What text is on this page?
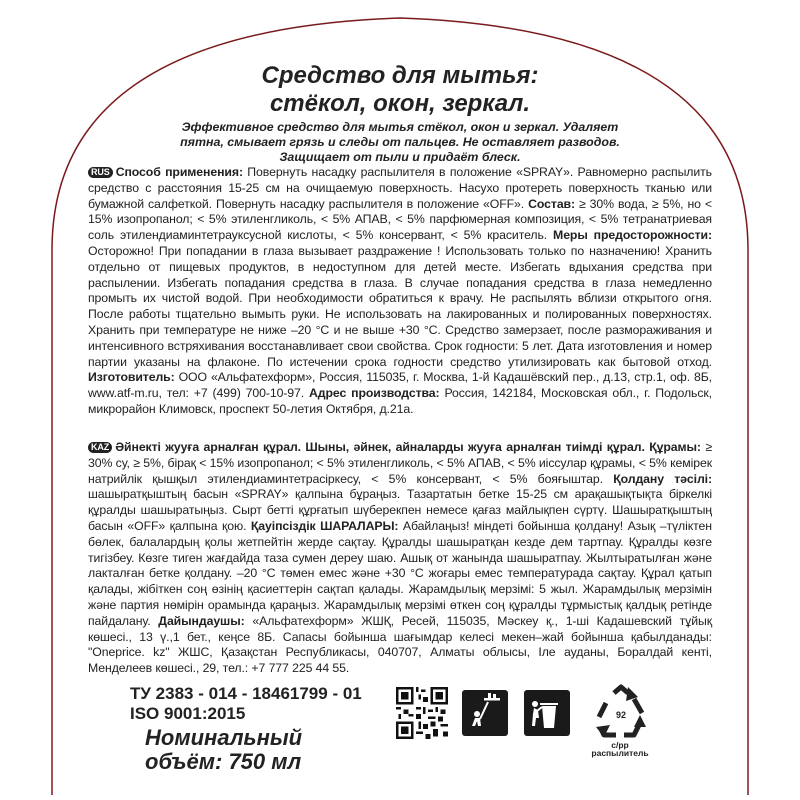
Средство для мытья:
стёкол, окон, зеркал.
Эффективное средство для мытья стёкол, окон и зеркал. Удаляет пятна, смывает грязь и следы от пальцев. Не оставляет разводов. Защищает от пыли и придаёт блеск.
RUS Способ применения: Повернуть насадку распылителя в положение «SPRAY». Равномерно распылить средство с расстояния 15-25 см на очищаемую поверхность. Насухо протереть поверхность тканью или бумажной салфеткой. Повернуть насадку распылителя в положение «OFF». Состав: ≥ 30% вода, ≥ 5%, но < 15% изопропанол; < 5% этиленгликоль, < 5% АПАВ, < 5% парфюмерная композиция, < 5% тетранатриевая соль этилендиаминтетрауксусной кислоты, < 5% консервант, < 5% краситель. Меры предосторожности: Осторожно! При попадании в глаза вызывает раздражение ! Использовать только по назначению! Хранить отдельно от пищевых продуктов, в недоступном для детей месте. Избегать вдыхания средства при распылении. Избегать попадания средства в глаза. В случае попадания средства в глаза немедленно промыть их чистой водой. При необходимости обратиться к врачу. Не распылять вблизи открытого огня. После работы тщательно вымыть руки. Не использовать на лакированных и полированных поверхностях. Хранить при температуре не ниже –20 °С и не выше +30 °С. Средство замерзает, после размораживания и интенсивного встряхивания восстанавливает свои свойства. Срок годности: 5 лет. Дата изготовления и номер партии указаны на флаконе. По истечении срока годности средство утилизировать как бытовой отход. Изготовитель: ООО «Альфатехформ», Россия, 115035, г. Москва, 1-й Кадашёвский пер., д.13, стр.1, оф. 8Б, www.atf-m.ru, тел: +7 (499) 700-10-97. Адрес производства: Россия, 142184, Московская обл., г. Подольск, микрорайон Климовск, проспект 50-летия Октября, д.21а.
KAZ Әйнекті жууға арналған құрал. Шыны, әйнек, айналарды жууға арналған тиімді құрал. Құрамы: ≥ 30% су, ≥ 5%, бірақ < 15% изопропанол; < 5% этиленгликоль, < 5% АПАВ, < 5% иіссулар құрамы, < 5% кемірек натрийлік қышқыл этилендиаминтетрасіркесу, < 5% консервант, < 5% бояғыштар. Қолдану тәсілі: шашыратқыштың басын «SPRAY» қалпына бұраңыз. Тазартатын бетке 15-25 см арақашықтықта біркелкі құралды шашыратыңыз. Сырт бетті құрғатып шүберекпен немесе қағаз майлықпен сүртү. Шашыратқыштың басын «OFF» қалпына қою. Қауіпсіздік ШАРАЛАРЫ: Абайлаңыз! міндеті бойынша қолдану! Азық –түліктен бөлек, балалардың қолы жетпейтін жерде сақтау. Құралды шашыратқан кезде дем тартпау. Құралды көзге тигізбеу. Көзге тиген жағдайда таза сумен дереу шаю. Ашық от жанында шашыратпау. Жылтыратылған және лакталған бетке қолдану. –20 °С төмен емес және +30 °С жоғары емес температурада сақтау. Құрал қатып қалады, жібіткен соң өзінің қасиеттерін сақтап қалады. Жарамдылық мерзімі: 5 жыл. Жарамдылық мерзімін және партия нөмірін орамында қараңыз. Жарамдылық мерзімі өткен соң құралды тұрмыстық қалдық ретінде пайдалану. Дайындаушы: «Альфатехформ» ЖШҚ, Ресей, 115035, Мәскеу қ., 1-ші Кадашевский тұйық көшесі., 13 ү.,1 бет., кеңсе 8Б. Сапасы бойынша шағымдар келесі мекен–жай бойынша қабылданады: "Oneprice. kz" ЖШС, Қазақстан Республикасы, 040707, Алматы облысы, Іле ауданы, Боралдай кенті, Менделеев көшесі., 29, тел.: +7 777 225 44 55.
ТУ 2383 - 014 - 18461799 - 01
ISO 9001:2015
Номинальный
объём: 750 мл
92
c/pp
распылитель
